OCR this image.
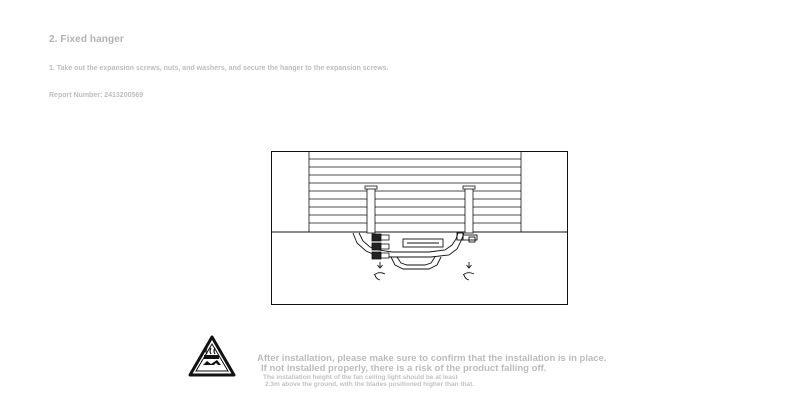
2. Fixed hanger
1. Take out the expansion screws, nuts, and washers, and secure the hanger to the expansion screws.
Report Number: 2413200569
After installation, please make sure to confirm that the installation is in place.
If not installed properly, there is a risk of the product falling off.
The installation height of the fan ceiling light should be at least
2.3m above the ground, with the blades positioned higher than that.
